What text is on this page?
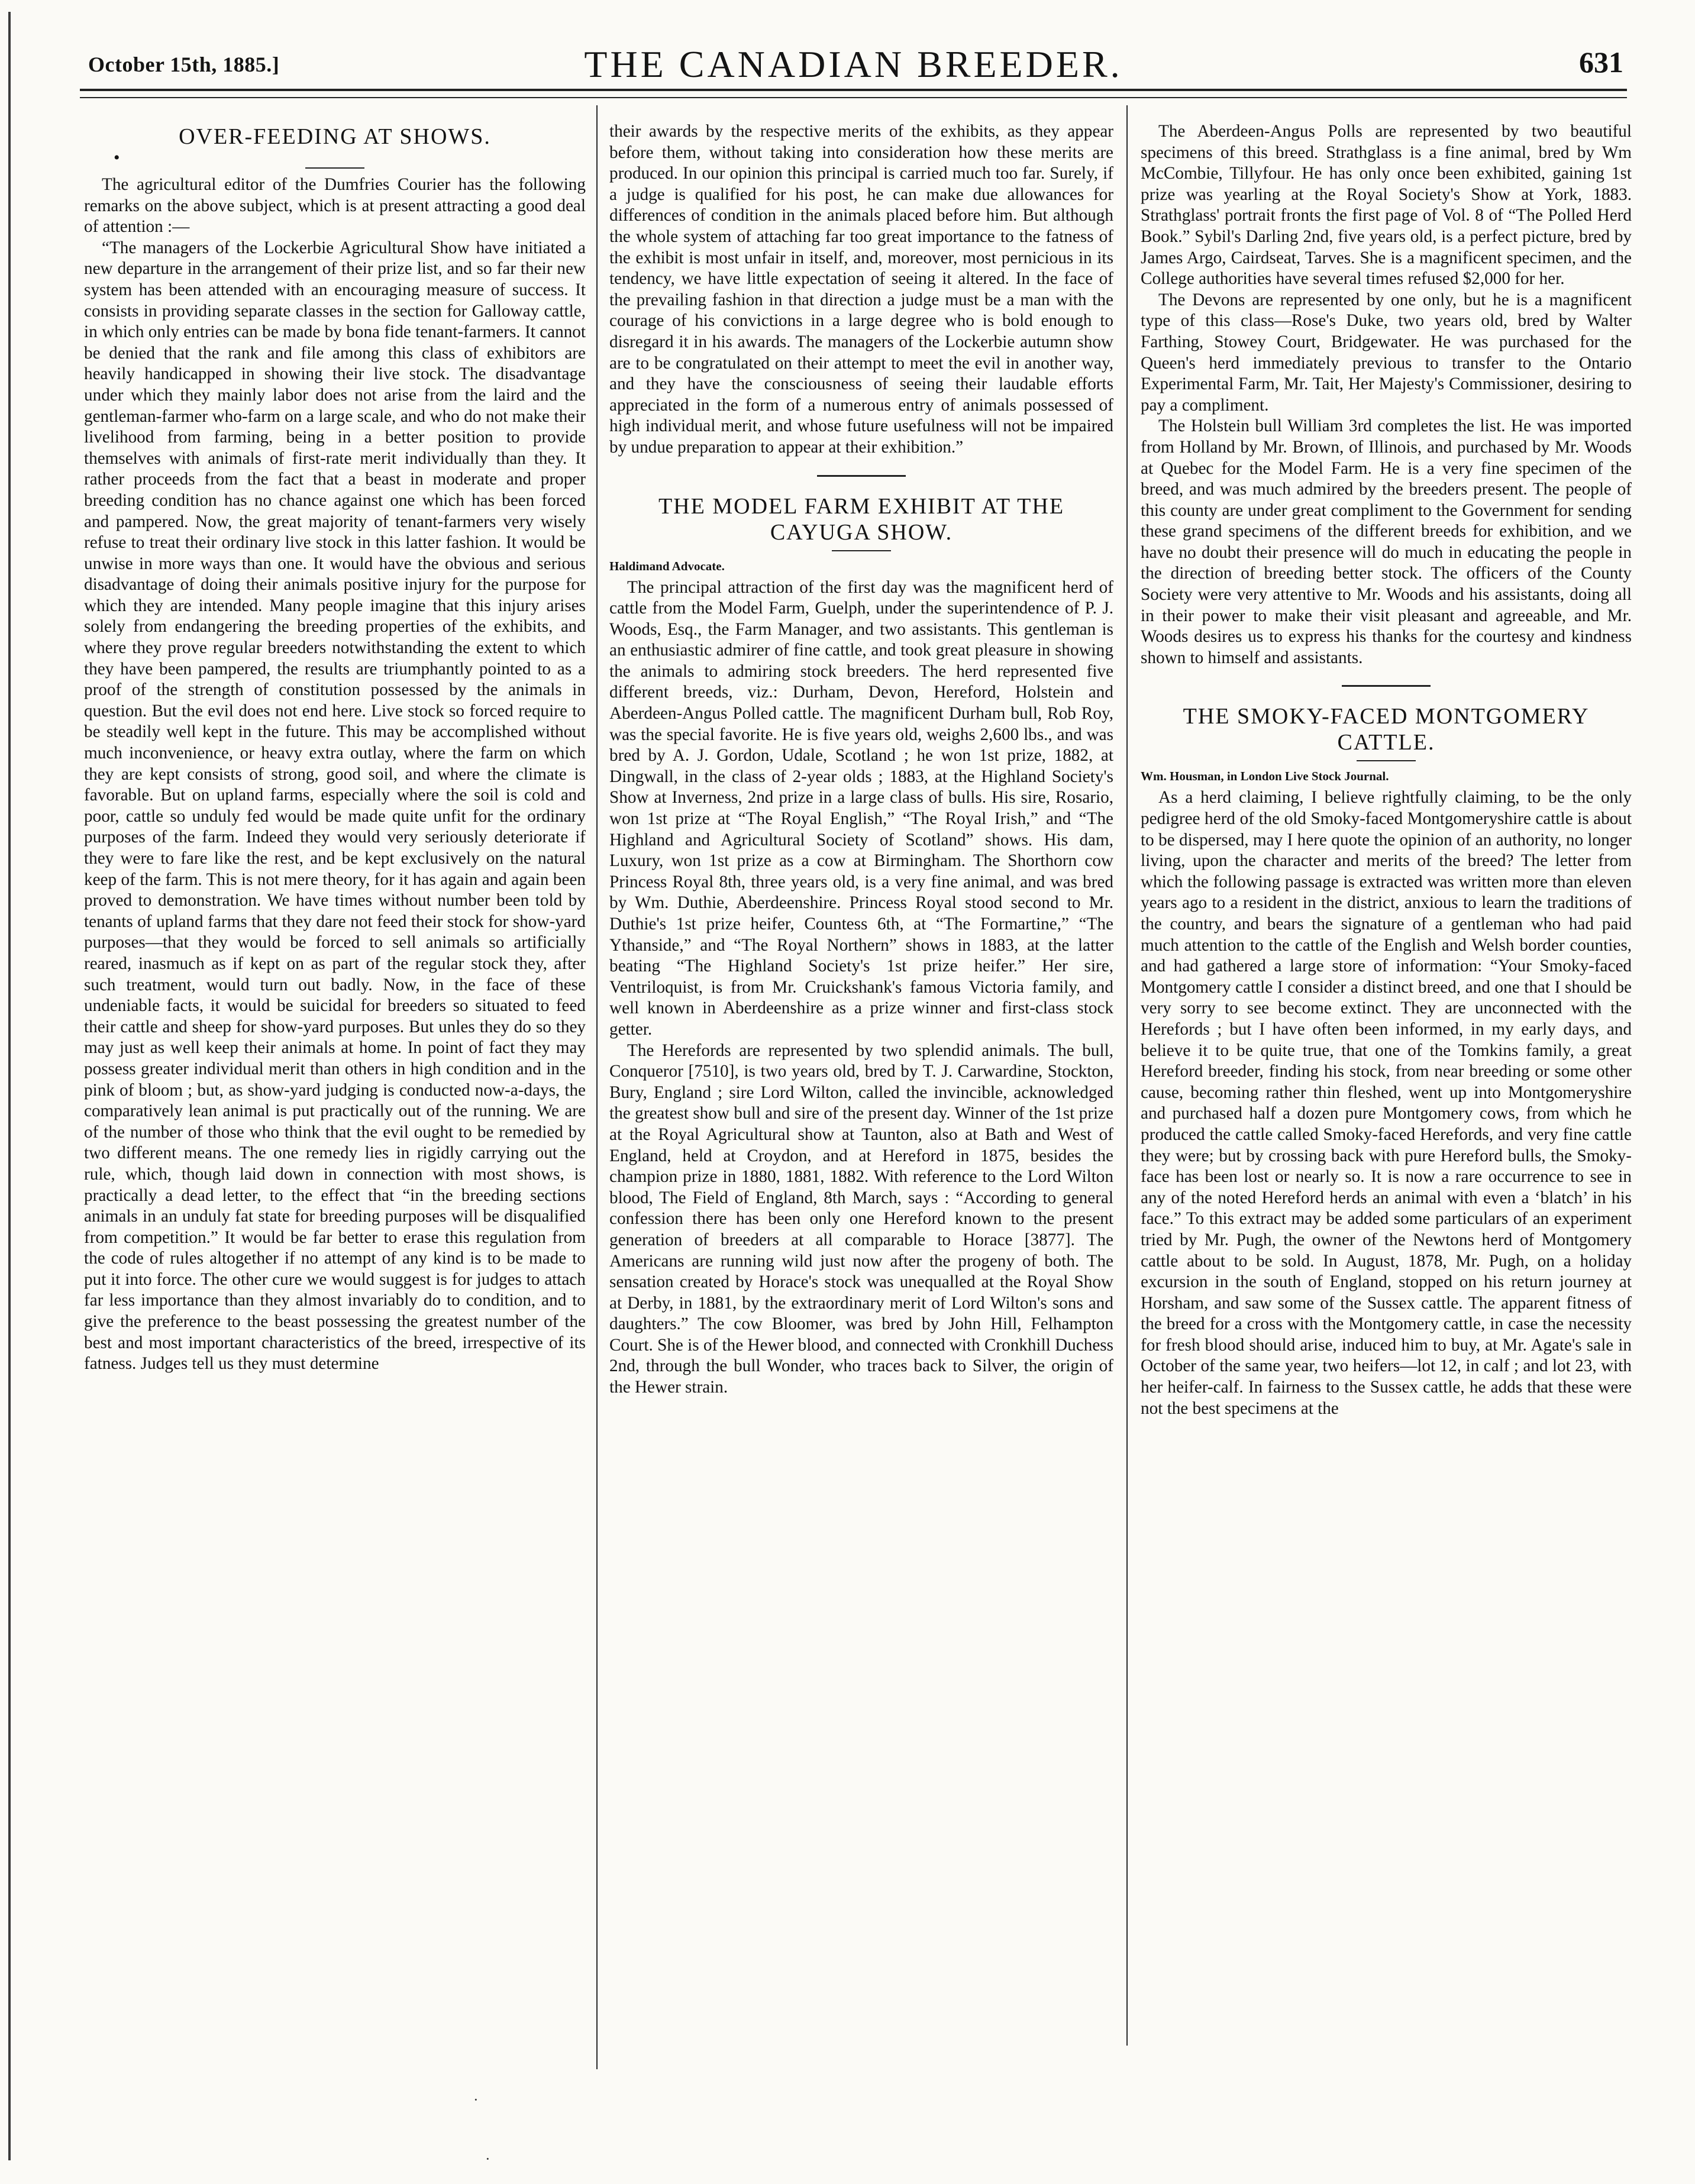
October 15th, 1885.]	THE CANADIAN BREEDER.	631
OVER-FEEDING AT SHOWS.
•

The agricultural editor of the Dumfries Courier has the following remarks on the above subject, which is at present attracting a good deal of attention :—

“The managers of the Lockerbie Agricultural Show have initiated a new departure in the arrangement of their prize list, and so far their new system has been attended with an encouraging measure of success. It consists in providing separate classes in the section for Galloway cattle, in which only entries can be made by bona fide tenant-farmers. It cannot be denied that the rank and file among this class of exhibitors are heavily handicapped in showing their live stock. The disadvantage under which they mainly labor does not arise from the laird and the gentleman-farmer who-farm on a large scale, and who do not make their livelihood from farming, being in a better position to provide themselves with animals of first-rate merit individually than they. It rather proceeds from the fact that a beast in moderate and proper breeding condition has no chance against one which has been forced and pampered. Now, the great majority of tenant-farmers very wisely refuse to treat their ordinary live stock in this latter fashion. It would be unwise in more ways than one. It would have the obvious and serious disadvantage of doing their animals positive injury for the purpose for which they are intended. Many people imagine that this injury arises solely from endangering the breeding properties of the exhibits, and where they prove regular breeders notwithstanding the extent to which they have been pampered, the results are triumphantly pointed to as a proof of the strength of constitution possessed by the animals in question. But the evil does not end here. Live stock so forced require to be steadily well kept in the future. This may be accomplished without much inconvenience, or heavy extra outlay, where the farm on which they are kept consists of strong, good soil, and where the climate is favorable. But on upland farms, especially where the soil is cold and poor, cattle so unduly fed would be made quite unfit for the ordinary purposes of the farm. Indeed they would very seriously deteriorate if they were to fare like the rest, and be kept exclusively on the natural keep of the farm. This is not mere theory, for it has again and again been proved to demonstration. We have times without number been told by tenants of upland farms that they dare not feed their stock for show-yard purposes—that they would be forced to sell animals so artificially reared, inasmuch as if kept on as part of the regular stock they, after such treatment, would turn out badly. Now, in the face of these undeniable facts, it would be suicidal for breeders so situated to feed their cattle and sheep for show-yard purposes. But unles they do so they may just as well keep their animals at home. In point of fact they may possess greater individual merit than others in high condition and in the pink of bloom ; but, as show-yard judging is conducted now-a-days, the comparatively lean animal is put practically out of the running. We are of the number of those who think that the evil ought to be remedied by two different means. The one remedy lies in rigidly carrying out the rule, which, though laid down in connection with most shows, is practically a dead letter, to the effect that “in the breeding sections animals in an unduly fat state for breeding purposes will be disqualified from competition.” It would be far better to erase this regulation from the code of rules altogether if no attempt of any kind is to be made to put it into force. The other cure we would suggest is for judges to attach far less importance than they almost invariably do to condition, and to give the preference to the beast possessing the greatest number of the best and most important characteristics of the breed, irrespective of its fatness. Judges tell us they must determine

their awards by the respective merits of the exhibits, as they appear before them, without taking into consideration how these merits are produced. In our opinion this principal is carried much too far. Surely, if a judge is qualified for his post, he can make due allowances for differences of condition in the animals placed before him. But although the whole system of attaching far too great importance to the fatness of the exhibit is most unfair in itself, and, moreover, most pernicious in its tendency, we have little expectation of seeing it altered. In the face of the prevailing fashion in that direction a judge must be a man with the courage of his convictions in a large degree who is bold enough to disregard it in his awards. The managers of the Lockerbie autumn show are to be congratulated on their attempt to meet the evil in another way, and they have the consciousness of seeing their laudable efforts appreciated in the form of a numerous entry of animals possessed of high individual merit, and whose future usefulness will not be impaired by undue preparation to appear at their exhibition.”

THE MODEL FARM EXHIBIT AT THE CAYUGA SHOW.
Haldimand Advocate.

The principal attraction of the first day was the magnificent herd of cattle from the Model Farm, Guelph, under the superintendence of P. J. Woods, Esq., the Farm Manager, and two assistants. This gentleman is an enthusiastic admirer of fine cattle, and took great pleasure in showing the animals to admiring stock breeders. The herd represented five different breeds, viz.: Durham, Devon, Hereford, Holstein and Aberdeen-Angus Polled cattle. The magnificent Durham bull, Rob Roy, was the special favorite. He is five years old, weighs 2,600 lbs., and was bred by A. J. Gordon, Udale, Scotland ; he won 1st prize, 1882, at Dingwall, in the class of 2-year olds ; 1883, at the Highland Society's Show at Inverness, 2nd prize in a large class of bulls. His sire, Rosario, won 1st prize at “The Royal English,” “The Royal Irish,” and “The Highland and Agricultural Society of Scotland” shows. His dam, Luxury, won 1st prize as a cow at Birmingham. The Shorthorn cow Princess Royal 8th, three years old, is a very fine animal, and was bred by Wm. Duthie, Aberdeenshire. Princess Royal stood second to Mr. Duthie's 1st prize heifer, Countess 6th, at “The Formartine,” “The Ythanside,” and “The Royal Northern” shows in 1883, at the latter beating “The Highland Society's 1st prize heifer.” Her sire, Ventriloquist, is from Mr. Cruickshank's famous Victoria family, and well known in Aberdeenshire as a prize winner and first-class stock getter.

The Herefords are represented by two splendid animals. The bull, Conqueror [7510], is two years old, bred by T. J. Carwardine, Stockton, Bury, England ; sire Lord Wilton, called the invincible, acknowledged the greatest show bull and sire of the present day. Winner of the 1st prize at the Royal Agricultural show at Taunton, also at Bath and West of England, held at Croydon, and at Hereford in 1875, besides the champion prize in 1880, 1881, 1882. With reference to the Lord Wilton blood, The Field of England, 8th March, says : “According to general confession there has been only one Hereford known to the present generation of breeders at all comparable to Horace [3877]. The Americans are running wild just now after the progeny of both. The sensation created by Horace's stock was unequalled at the Royal Show at Derby, in 1881, by the extraordinary merit of Lord Wilton's sons and daughters.” The cow Bloomer, was bred by John Hill, Felhampton Court. She is of the Hewer blood, and connected with Cronkhill Duchess 2nd, through the bull Wonder, who traces back to Silver, the origin of the Hewer strain.

The Aberdeen-Angus Polls are represented by two beautiful specimens of this breed. Strathglass is a fine animal, bred by Wm McCombie, Tillyfour. He has only once been exhibited, gaining 1st prize was yearling at the Royal Society's Show at York, 1883. Strathglass' portrait fronts the first page of Vol. 8 of “The Polled Herd Book.” Sybil's Darling 2nd, five years old, is a perfect picture, bred by James Argo, Cairdseat, Tarves. She is a magnificent specimen, and the College authorities have several times refused $2,000 for her.

The Devons are represented by one only, but he is a magnificent type of this class—Rose's Duke, two years old, bred by Walter Farthing, Stowey Court, Bridgewater. He was purchased for the Queen's herd immediately previous to transfer to the Ontario Experimental Farm, Mr. Tait, Her Majesty's Commissioner, desiring to pay a compliment.

The Holstein bull William 3rd completes the list. He was imported from Holland by Mr. Brown, of Illinois, and purchased by Mr. Woods at Quebec for the Model Farm. He is a very fine specimen of the breed, and was much admired by the breeders present. The people of this county are under great compliment to the Government for sending these grand specimens of the different breeds for exhibition, and we have no doubt their presence will do much in educating the people in the direction of breeding better stock. The officers of the County Society were very attentive to Mr. Woods and his assistants, doing all in their power to make their visit pleasant and agreeable, and Mr. Woods desires us to express his thanks for the courtesy and kindness shown to himself and assistants.

THE SMOKY-FACED MONTGOMERY CATTLE.
Wm. Housman, in London Live Stock Journal.

As a herd claiming, I believe rightfully claiming, to be the only pedigree herd of the old Smoky-faced Montgomeryshire cattle is about to be dispersed, may I here quote the opinion of an authority, no longer living, upon the character and merits of the breed? The letter from which the following passage is extracted was written more than eleven years ago to a resident in the district, anxious to learn the traditions of the country, and bears the signature of a gentleman who had paid much attention to the cattle of the English and Welsh border counties, and had gathered a large store of information: “Your Smoky-faced Montgomery cattle I consider a distinct breed, and one that I should be very sorry to see become extinct. They are unconnected with the Herefords ; but I have often been informed, in my early days, and believe it to be quite true, that one of the Tomkins family, a great Hereford breeder, finding his stock, from near breeding or some other cause, becoming rather thin fleshed, went up into Montgomeryshire and purchased half a dozen pure Montgomery cows, from which he produced the cattle called Smoky-faced Herefords, and very fine cattle they were; but by crossing back with pure Hereford bulls, the Smoky-face has been lost or nearly so. It is now a rare occurrence to see in any of the noted Hereford herds an animal with even a ‘blatch’ in his face.” To this extract may be added some particulars of an experiment tried by Mr. Pugh, the owner of the Newtons herd of Montgomery cattle about to be sold. In August, 1878, Mr. Pugh, on a holiday excursion in the south of England, stopped on his return journey at Horsham, and saw some of the Sussex cattle. The apparent fitness of the breed for a cross with the Montgomery cattle, in case the necessity for fresh blood should arise, induced him to buy, at Mr. Agate's sale in October of the same year, two heifers—lot 12, in calf ; and lot 23, with her heifer-calf. In fairness to the Sussex cattle, he adds that these were not the best specimens at the

·
·
